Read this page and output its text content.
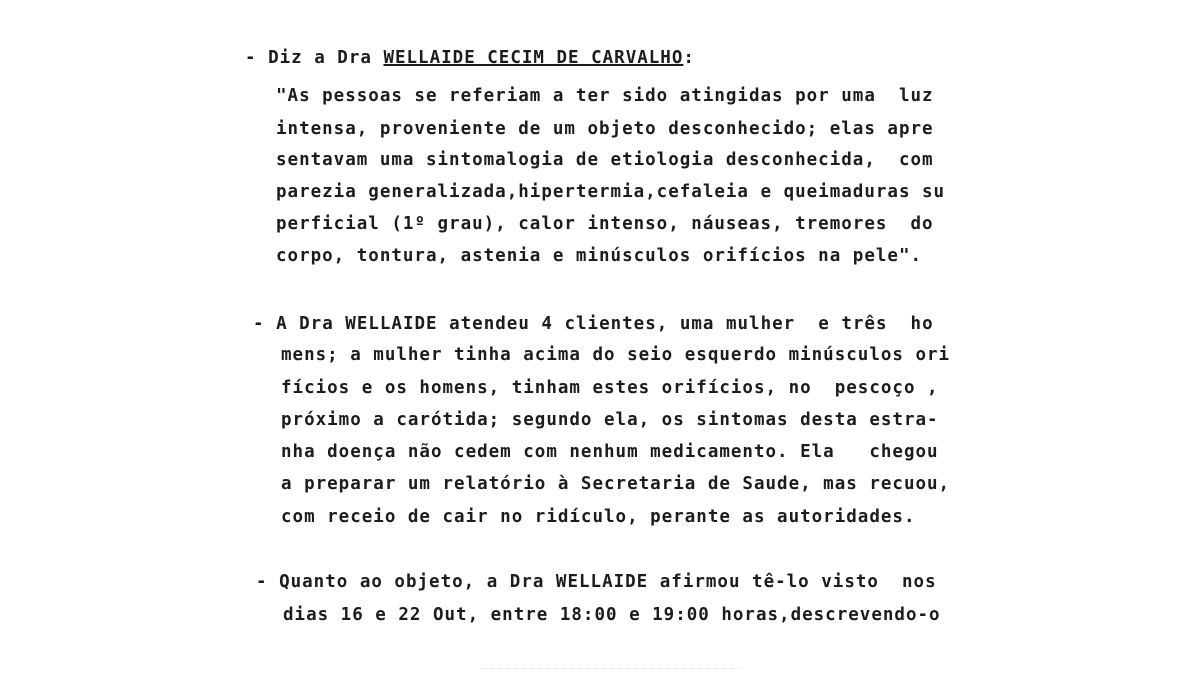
- Diz a Dra WELLAIDE CECIM DE CARVALHO:
"As pessoas se referiam a ter sido atingidas por uma  luz
intensa, proveniente de um objeto desconhecido; elas apre
sentavam uma sintomalogia de etiologia desconhecida,  com
parezia generalizada,hipertermia,cefaleia e queimaduras su
perficial (1º grau), calor intenso, náuseas, tremores  do
corpo, tontura, astenia e minúsculos orifícios na pele".
- A Dra WELLAIDE atendeu 4 clientes, uma mulher  e três  ho
mens; a mulher tinha acima do seio esquerdo minúsculos ori
fícios e os homens, tinham estes orifícios, no  pescoço ,
próximo a carótida; segundo ela, os sintomas desta estra-
nha doença não cedem com nenhum medicamento. Ela   chegou
a preparar um relatório à Secretaria de Saude, mas recuou,
com receio de cair no ridículo, perante as autoridades.
- Quanto ao objeto, a Dra WELLAIDE afirmou tê-lo visto  nos
dias 16 e 22 Out, entre 18:00 e 19:00 horas,descrevendo-o
